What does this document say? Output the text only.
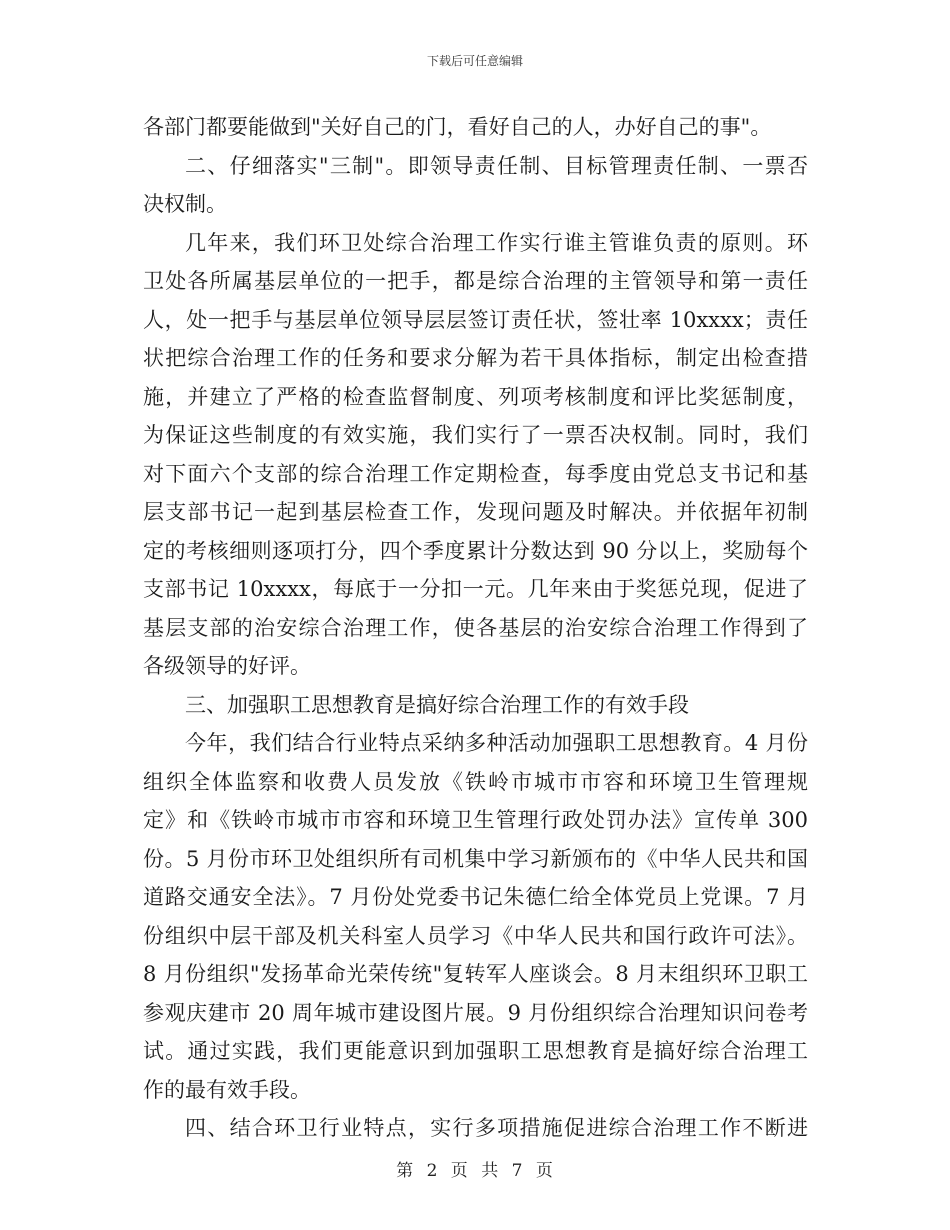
下载后可任意编辑
各部门都要能做到"关好自己的门，看好自己的人，办好自己的事"。
二、仔细落实"三制"。即领导责任制、目标管理责任制、一票否
决权制。
几年来，我们环卫处综合治理工作实行谁主管谁负责的原则。环
卫处各所属基层单位的一把手，都是综合治理的主管领导和第一责任
人，处一把手与基层单位领导层层签订责任状，签壮率 10xxxx；责任
状把综合治理工作的任务和要求分解为若干具体指标，制定出检查措
施，并建立了严格的检查监督制度、列项考核制度和评比奖惩制度，
为保证这些制度的有效实施，我们实行了一票否决权制。同时，我们
对下面六个支部的综合治理工作定期检查，每季度由党总支书记和基
层支部书记一起到基层检查工作，发现问题及时解决。并依据年初制
定的考核细则逐项打分，四个季度累计分数达到 90 分以上，奖励每个
支部书记 10xxxx，每底于一分扣一元。几年来由于奖惩兑现，促进了
基层支部的治安综合治理工作，使各基层的治安综合治理工作得到了
各级领导的好评。
三、加强职工思想教育是搞好综合治理工作的有效手段
今年，我们结合行业特点采纳多种活动加强职工思想教育。4 月份
组织全体监察和收费人员发放《铁岭市城市市容和环境卫生管理规
定》和《铁岭市城市市容和环境卫生管理行政处罚办法》宣传单 300
份。5 月份市环卫处组织所有司机集中学习新颁布的《中华人民共和国
道路交通安全法》。7 月份处党委书记朱德仁给全体党员上党课。7 月
份组织中层干部及机关科室人员学习《中华人民共和国行政许可法》。
8 月份组织"发扬革命光荣传统"复转军人座谈会。8 月末组织环卫职工
参观庆建市 20 周年城市建设图片展。9 月份组织综合治理知识问卷考
试。通过实践，我们更能意识到加强职工思想教育是搞好综合治理工
作的最有效手段。
四、结合环卫行业特点，实行多项措施促进综合治理工作不断进
第 2 页 共 7 页
